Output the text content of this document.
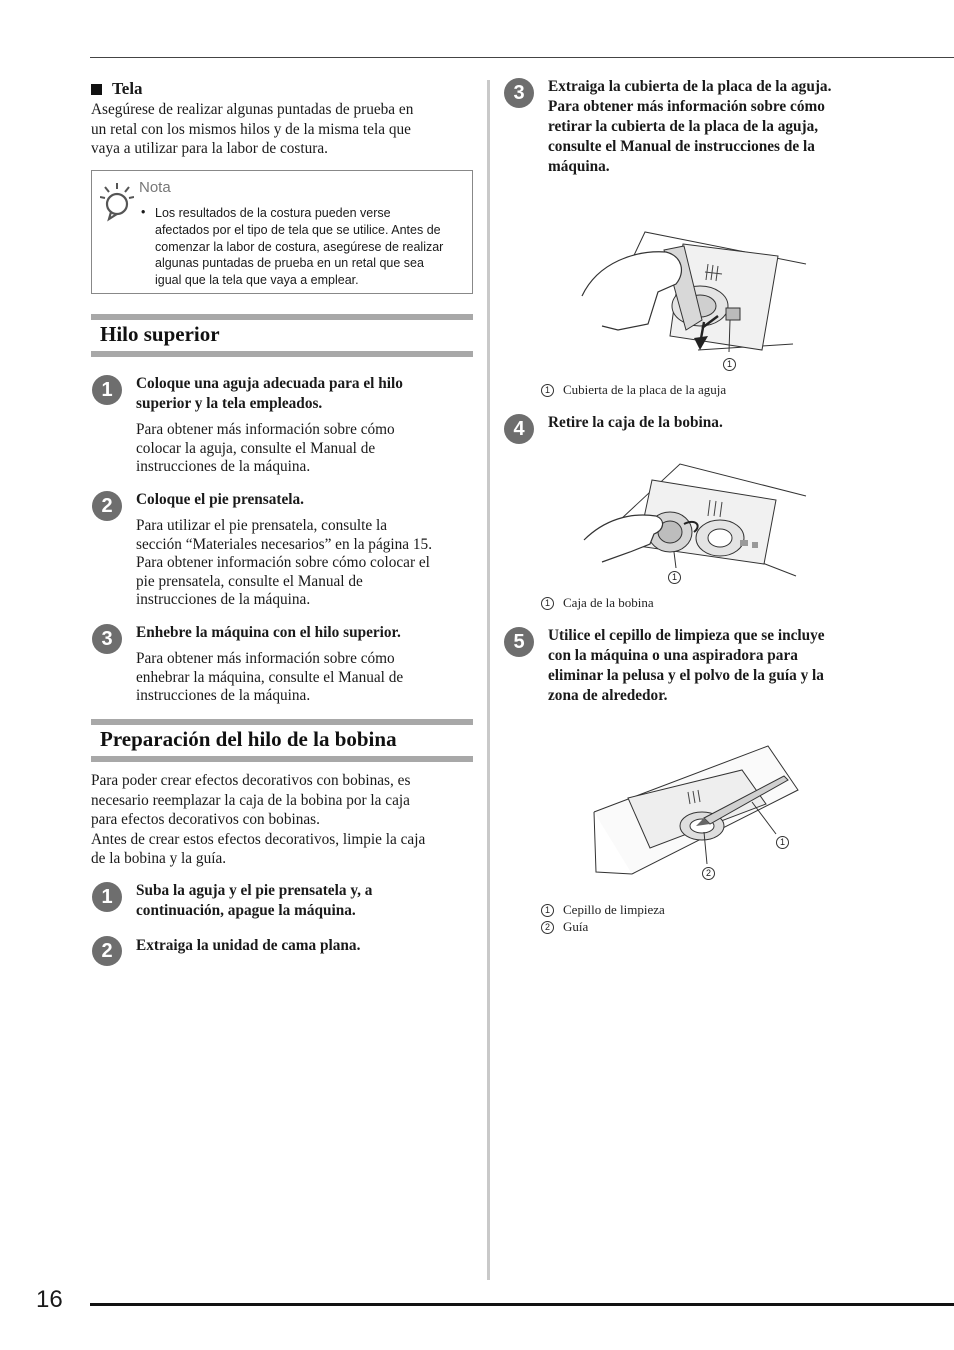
16
Tela
Asegúrese de realizar algunas puntadas de prueba en
un retal con los mismos hilos y de la misma tela que
vaya a utilizar para la labor de costura.
Nota
• Los resultados de la costura pueden verse
afectados por el tipo de tela que se utilice. Antes de
comenzar la labor de costura, asegúrese de realizar
algunas puntadas de prueba en un retal que sea
igual que la tela que vaya a emplear.
Hilo superior
1	Coloque una aguja adecuada para el hilo
superior y la tela empleados.
Para obtener más información sobre cómo
colocar la aguja, consulte el Manual de
instrucciones de la máquina.
2	Coloque el pie prensatela.
Para utilizar el pie prensatela, consulte la
sección “Materiales necesarios” en la página 15.
Para obtener información sobre cómo colocar el
pie prensatela, consulte el Manual de
instrucciones de la máquina.
3	Enhebre la máquina con el hilo superior.
Para obtener más información sobre cómo
enhebrar la máquina, consulte el Manual de
instrucciones de la máquina.
Preparación del hilo de la bobina
Para poder crear efectos decorativos con bobinas, es
necesario reemplazar la caja de la bobina por la caja
para efectos decorativos con bobinas.
Antes de crear estos efectos decorativos, limpie la caja
de la bobina y la guía.
1	Suba la aguja y el pie prensatela y, a
continuación, apague la máquina.
2	Extraiga la unidad de cama plana.
3	Extraiga la cubierta de la placa de la aguja.
Para obtener más información sobre cómo
retirar la cubierta de la placa de la aguja,
consulte el Manual de instrucciones de la
máquina.
1
1 Cubierta de la placa de la aguja
4	Retire la caja de la bobina.
1
1 Caja de la bobina
5	Utilice el cepillo de limpieza que se incluye
con la máquina o una aspiradora para
eliminar la pelusa y el polvo de la guía y la
zona de alrededor.
1
2
1 Cepillo de limpieza
2 Guía
